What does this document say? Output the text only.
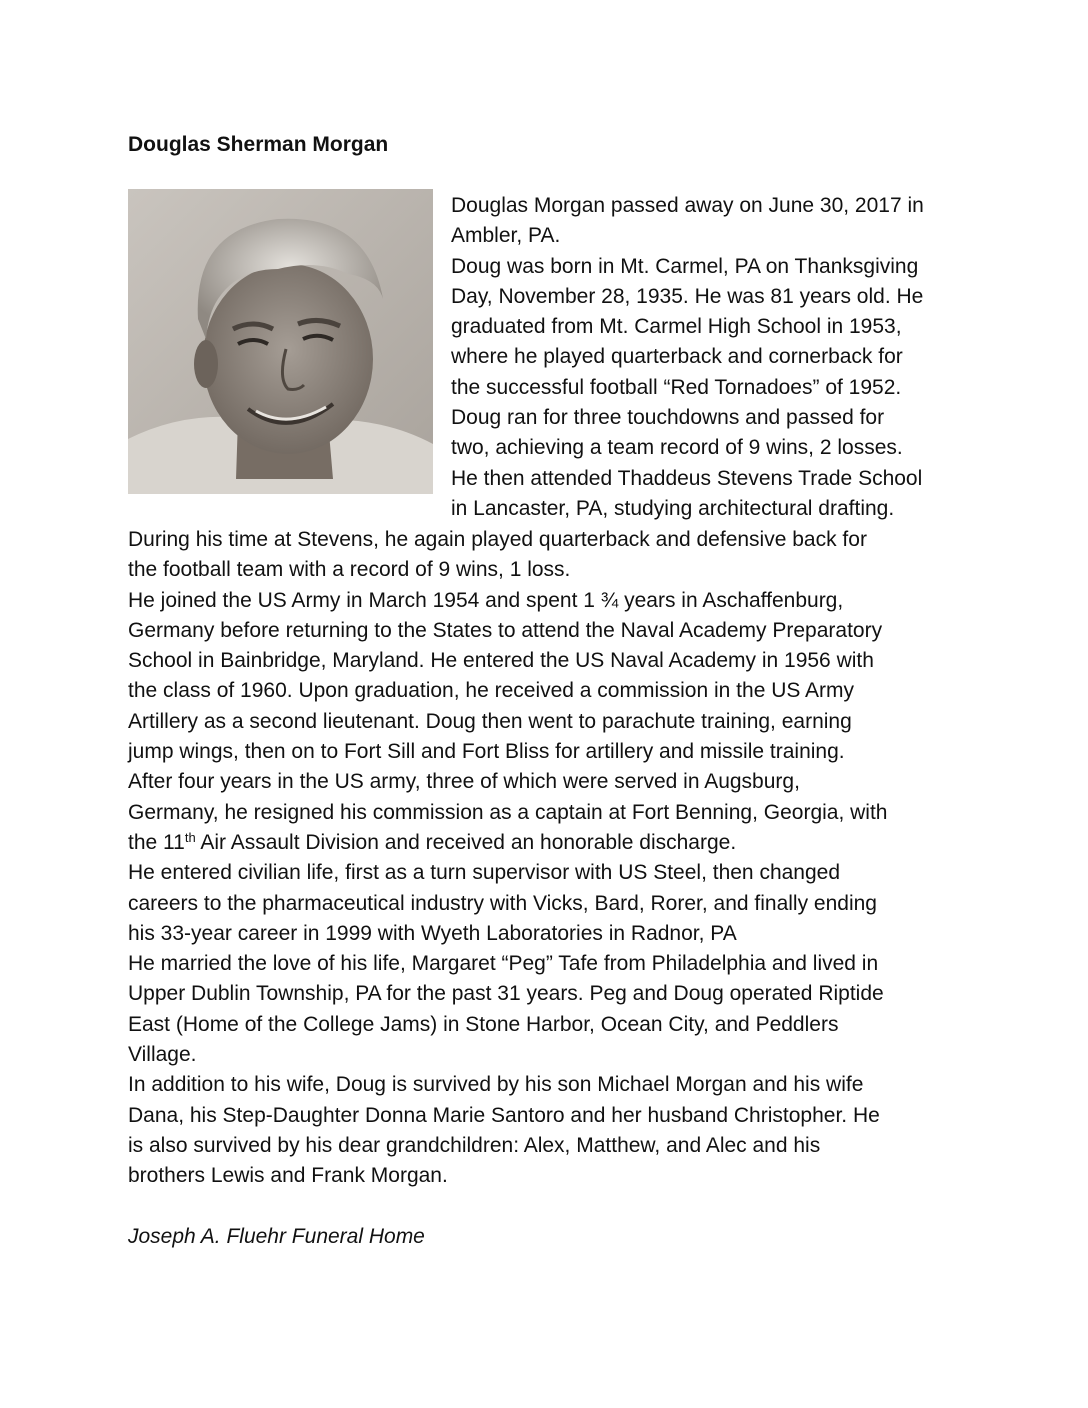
Douglas Sherman Morgan
Douglas Morgan passed away on June 30, 2017 in
Ambler, PA.
Doug was born in Mt. Carmel, PA on Thanksgiving
Day, November 28, 1935. He was 81 years old. He
graduated from Mt. Carmel High School in 1953,
where he played quarterback and cornerback for
the successful football “Red Tornadoes” of 1952.
Doug ran for three touchdowns and passed for
two, achieving a team record of 9 wins, 2 losses.
He then attended Thaddeus Stevens Trade School
in Lancaster, PA, studying architectural drafting.
During his time at Stevens, he again played quarterback and defensive back for
the football team with a record of 9 wins, 1 loss.
He joined the US Army in March 1954 and spent 1 ¾ years in Aschaffenburg,
Germany before returning to the States to attend the Naval Academy Preparatory
School in Bainbridge, Maryland. He entered the US Naval Academy in 1956 with
the class of 1960. Upon graduation, he received a commission in the US Army
Artillery as a second lieutenant. Doug then went to parachute training, earning
jump wings, then on to Fort Sill and Fort Bliss for artillery and missile training.
After four years in the US army, three of which were served in Augsburg,
Germany, he resigned his commission as a captain at Fort Benning, Georgia, with
the 11th Air Assault Division and received an honorable discharge.
He entered civilian life, first as a turn supervisor with US Steel, then changed
careers to the pharmaceutical industry with Vicks, Bard, Rorer, and finally ending
his 33-year career in 1999 with Wyeth Laboratories in Radnor, PA
He married the love of his life, Margaret “Peg” Tafe from Philadelphia and lived in
Upper Dublin Township, PA for the past 31 years. Peg and Doug operated Riptide
East (Home of the College Jams) in Stone Harbor, Ocean City, and Peddlers
Village.
In addition to his wife, Doug is survived by his son Michael Morgan and his wife
Dana, his Step-Daughter Donna Marie Santoro and her husband Christopher. He
is also survived by his dear grandchildren: Alex, Matthew, and Alec and his
brothers Lewis and Frank Morgan.
Joseph A. Fluehr Funeral Home
